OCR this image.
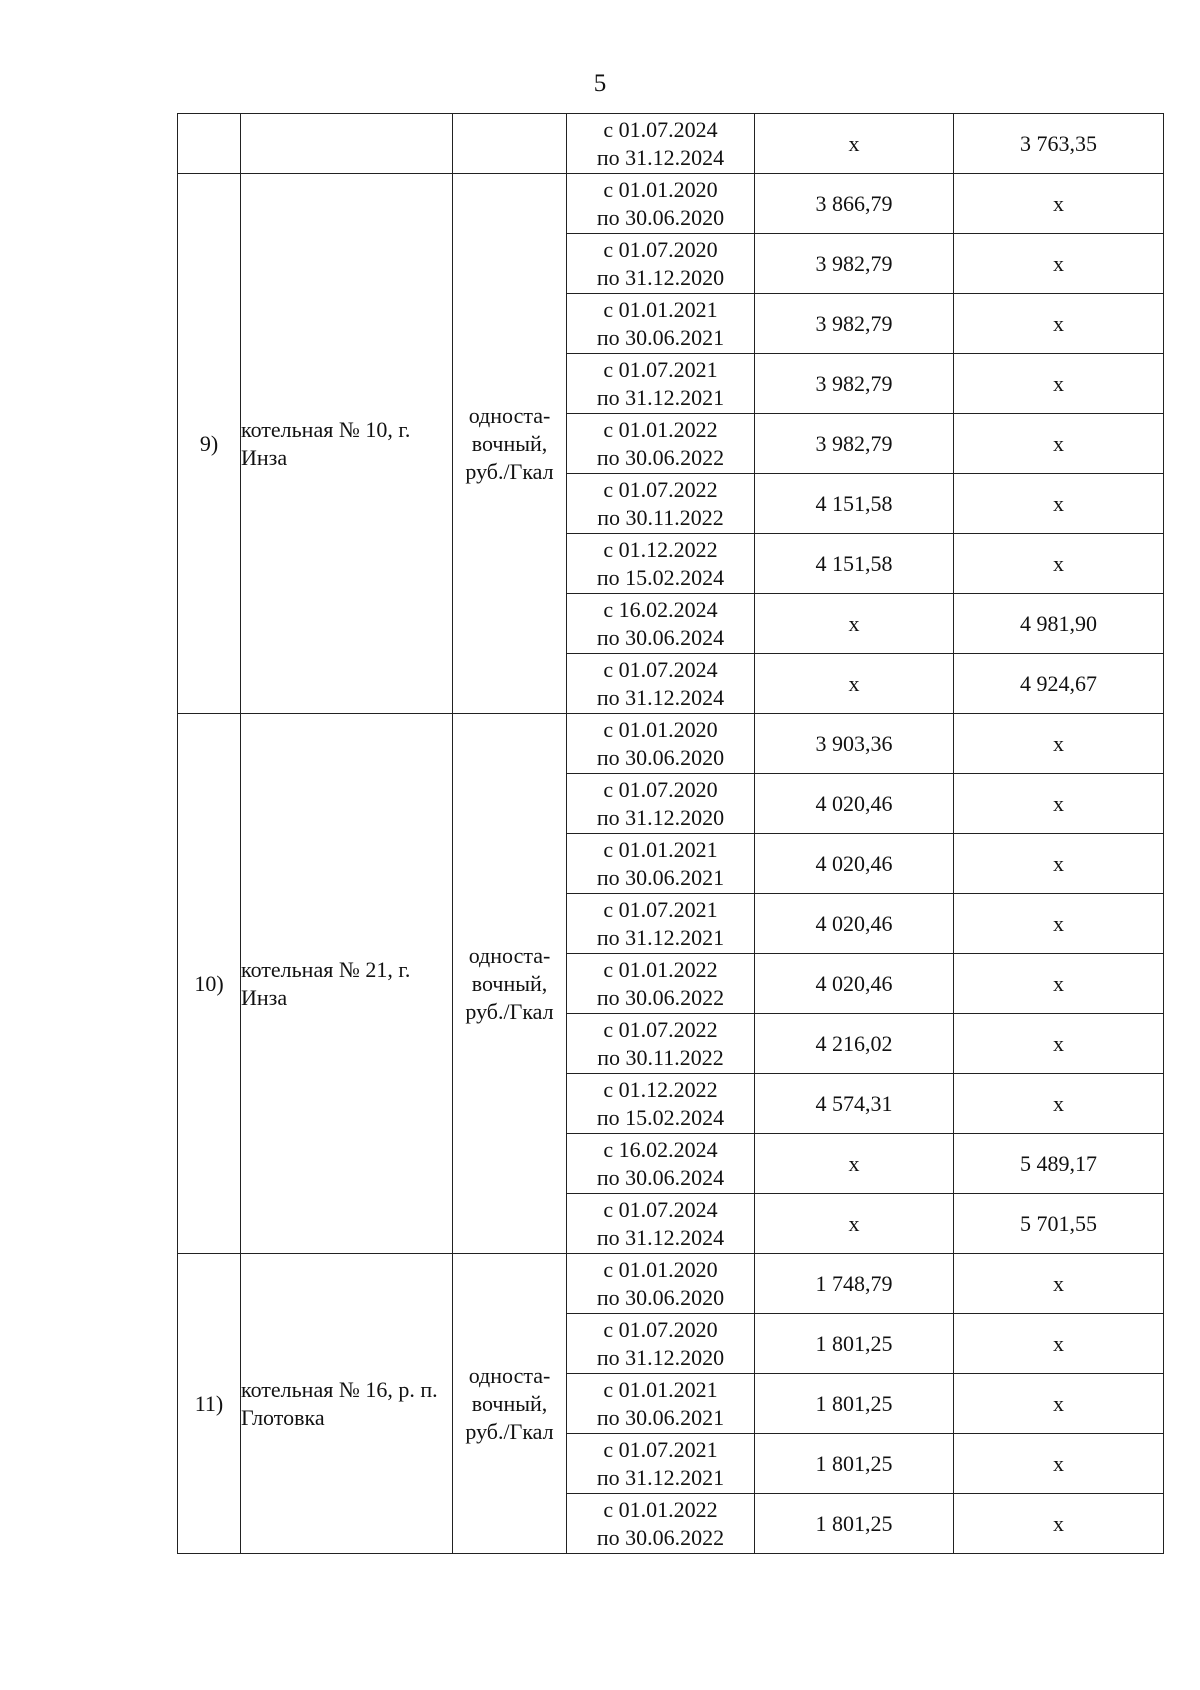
5

			с 01.07.2024
по 31.12.2024	х	3 763,35
9)	котельная № 10, г. Инза	односта-вочный, руб./Гкал	с 01.01.2020
по 30.06.2020	3 866,79	х

			с 01.07.2020
по 31.12.2020	3 982,79	х

			с 01.01.2021
по 30.06.2021	3 982,79	х

			с 01.07.2021
по 31.12.2021	3 982,79	х

			с 01.01.2022
по 30.06.2022	3 982,79	х

			с 01.07.2022
по 30.11.2022	4 151,58	х

			с 01.12.2022
по 15.02.2024	4 151,58	х

			с 16.02.2024
по 30.06.2024	х	4 981,90

			с 01.07.2024
по 31.12.2024	х	4 924,67
10)	котельная № 21, г. Инза	односта-вочный, руб./Гкал	с 01.01.2020
по 30.06.2020	3 903,36	х

			с 01.07.2020
по 31.12.2020	4 020,46	х

			с 01.01.2021
по 30.06.2021	4 020,46	х

			с 01.07.2021
по 31.12.2021	4 020,46	х

			с 01.01.2022
по 30.06.2022	4 020,46	х

			с 01.07.2022
по 30.11.2022	4 216,02	х

			с 01.12.2022
по 15.02.2024	4 574,31	х

			с 16.02.2024
по 30.06.2024	х	5 489,17

			с 01.07.2024
по 31.12.2024	х	5 701,55
11)	котельная № 16, р. п. Глотовка	односта-вочный, руб./Гкал	с 01.01.2020
по 30.06.2020	1 748,79	х

			с 01.07.2020
по 31.12.2020	1 801,25	х

			с 01.01.2021
по 30.06.2021	1 801,25	х

			с 01.07.2021
по 31.12.2021	1 801,25	х

			с 01.01.2022
по 30.06.2022	1 801,25	х
